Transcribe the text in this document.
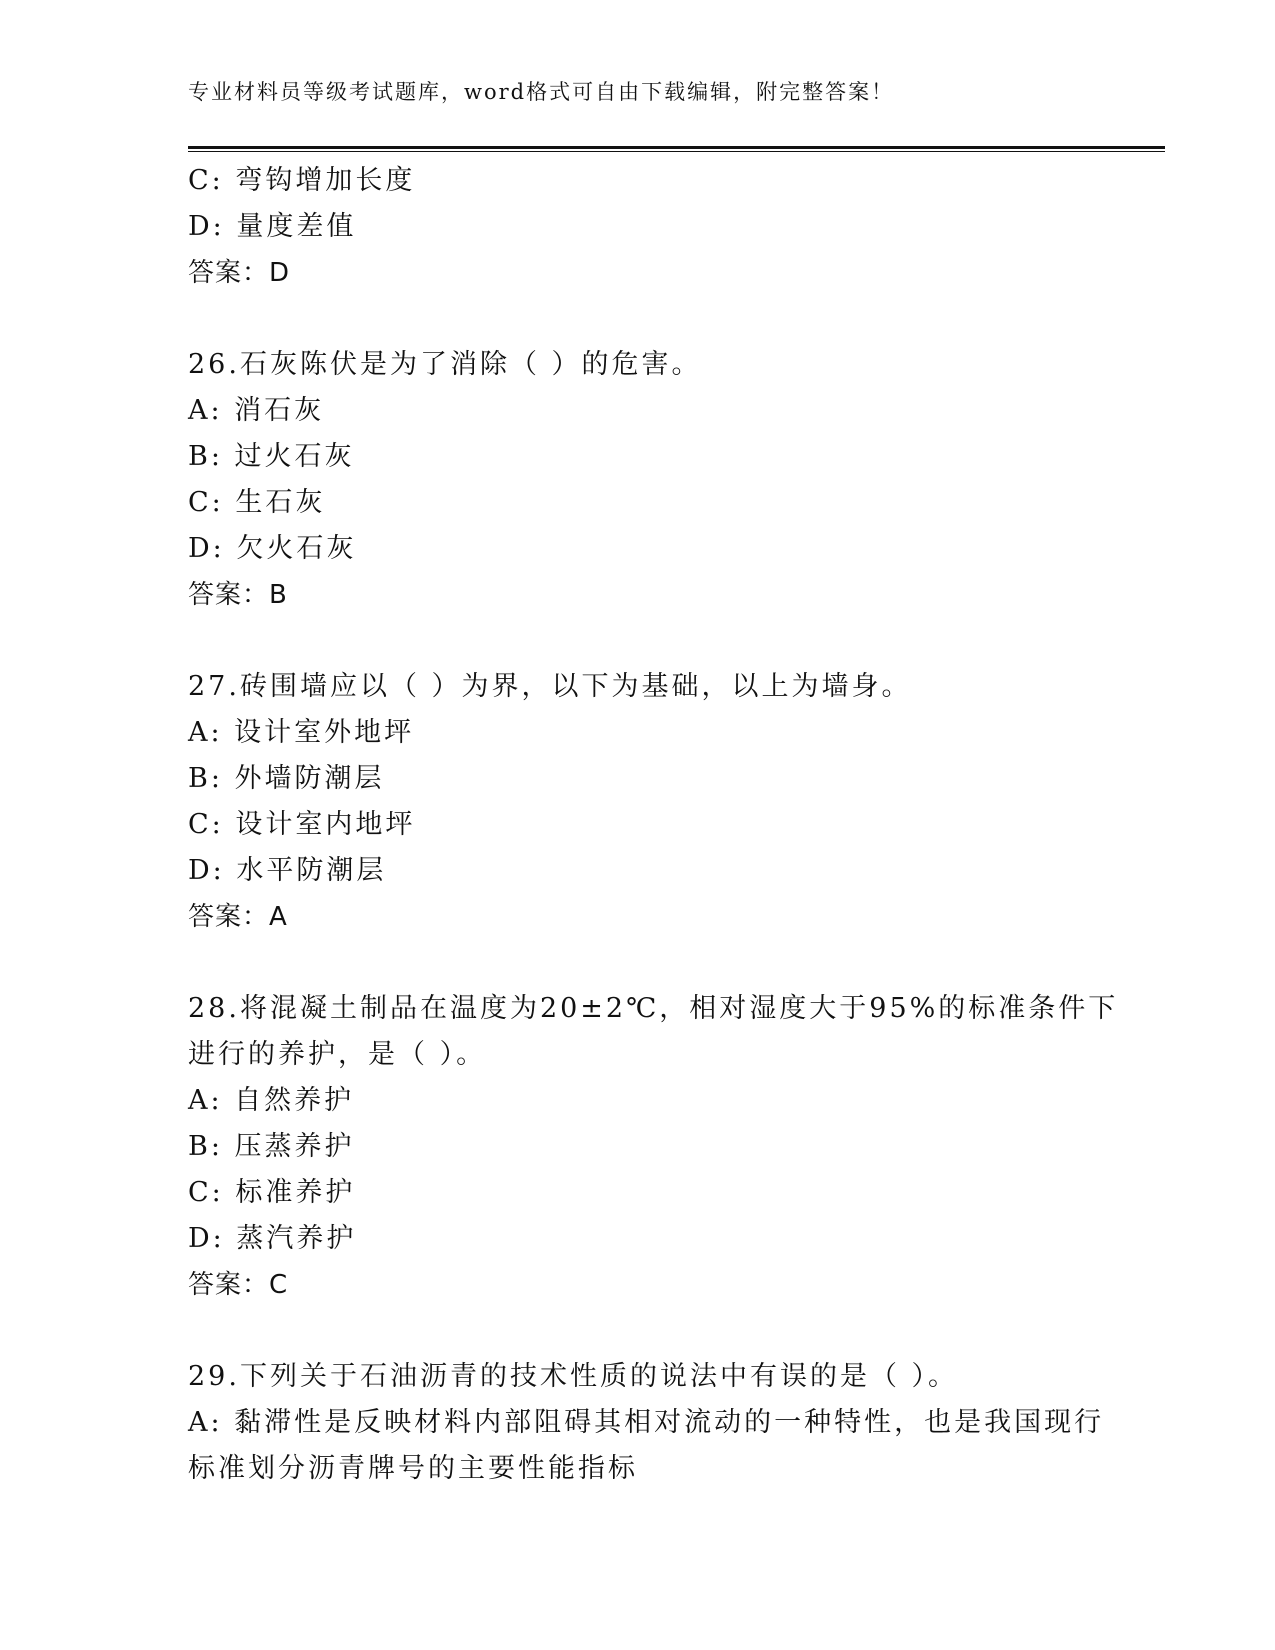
专业材料员等级考试题库，word格式可自由下载编辑，附完整答案！
C: 弯钩增加长度
D: 量度差值
答案：D
26.石灰陈伏是为了消除（ ）的危害。
A: 消石灰
B: 过火石灰
C: 生石灰
D: 欠火石灰
答案：B
27.砖围墙应以（ ）为界，以下为基础，以上为墙身。
A: 设计室外地坪
B: 外墙防潮层
C: 设计室内地坪
D: 水平防潮层
答案：A
28.将混凝土制品在温度为20±2℃，相对湿度大于95%的标准条件下
进行的养护，是（ ）。
A: 自然养护
B: 压蒸养护
C: 标准养护
D: 蒸汽养护
答案：C
29.下列关于石油沥青的技术性质的说法中有误的是（ ）。
A: 黏滞性是反映材料内部阻碍其相对流动的一种特性，也是我国现行
标准划分沥青牌号的主要性能指标
